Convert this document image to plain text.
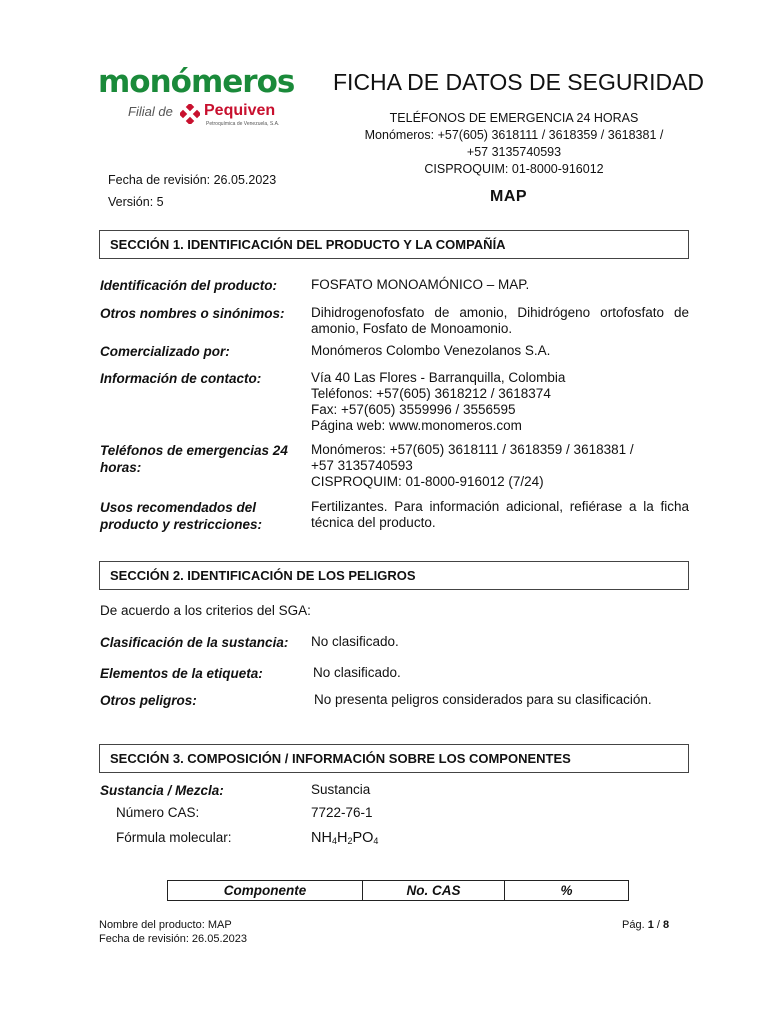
monómeros
Filial de Pequiven
Petroquímica de Venezuela, S.A.
FICHA DE DATOS DE SEGURIDAD
TELÉFONOS DE EMERGENCIA 24 HORAS
Monómeros: +57(605) 3618111 / 3618359 / 3618381 /
+57 3135740593
CISPROQUIM: 01-8000-916012
Fecha de revisión: 26.05.2023
Versión: 5	MAP
SECCIÓN 1. IDENTIFICACIÓN DEL PRODUCTO Y LA COMPAÑÍA
Identificación del producto:	FOSFATO MONOAMÓNICO – MAP.
Otros nombres o sinónimos:	Dihidrogenofosfato de amonio, Dihidrógeno ortofosfato de amonio, Fosfato de Monoamonio.
Comercializado por:	Monómeros Colombo Venezolanos S.A.
Información de contacto:	Vía 40 Las Flores - Barranquilla, Colombia
Teléfonos: +57(605) 3618212 / 3618374
Fax: +57(605) 3559996 / 3556595
Página web: www.monomeros.com
Teléfonos de emergencias 24 horas:
Monómeros: +57(605) 3618111 / 3618359 / 3618381 /
+57 3135740593
CISPROQUIM: 01-8000-916012 (7/24)
Usos recomendados del producto y restricciones:
Fertilizantes. Para información adicional, refiérase a la ficha técnica del producto.
SECCIÓN 2. IDENTIFICACIÓN DE LOS PELIGROS
De acuerdo a los criterios del SGA:
Clasificación de la sustancia:	No clasificado.
Elementos de la etiqueta:	No clasificado.
Otros peligros:	No presenta peligros considerados para su clasificación.
SECCIÓN 3. COMPOSICIÓN / INFORMACIÓN SOBRE LOS COMPONENTES
Sustancia / Mezcla:	Sustancia
Número CAS:	7722-76-1
Fórmula molecular:	$NH_4H_2PO_4$
Componente	No. CAS	%
Nombre del producto: MAP
Fecha de revisión: 26.05.2023
Pág. 1 / 8
